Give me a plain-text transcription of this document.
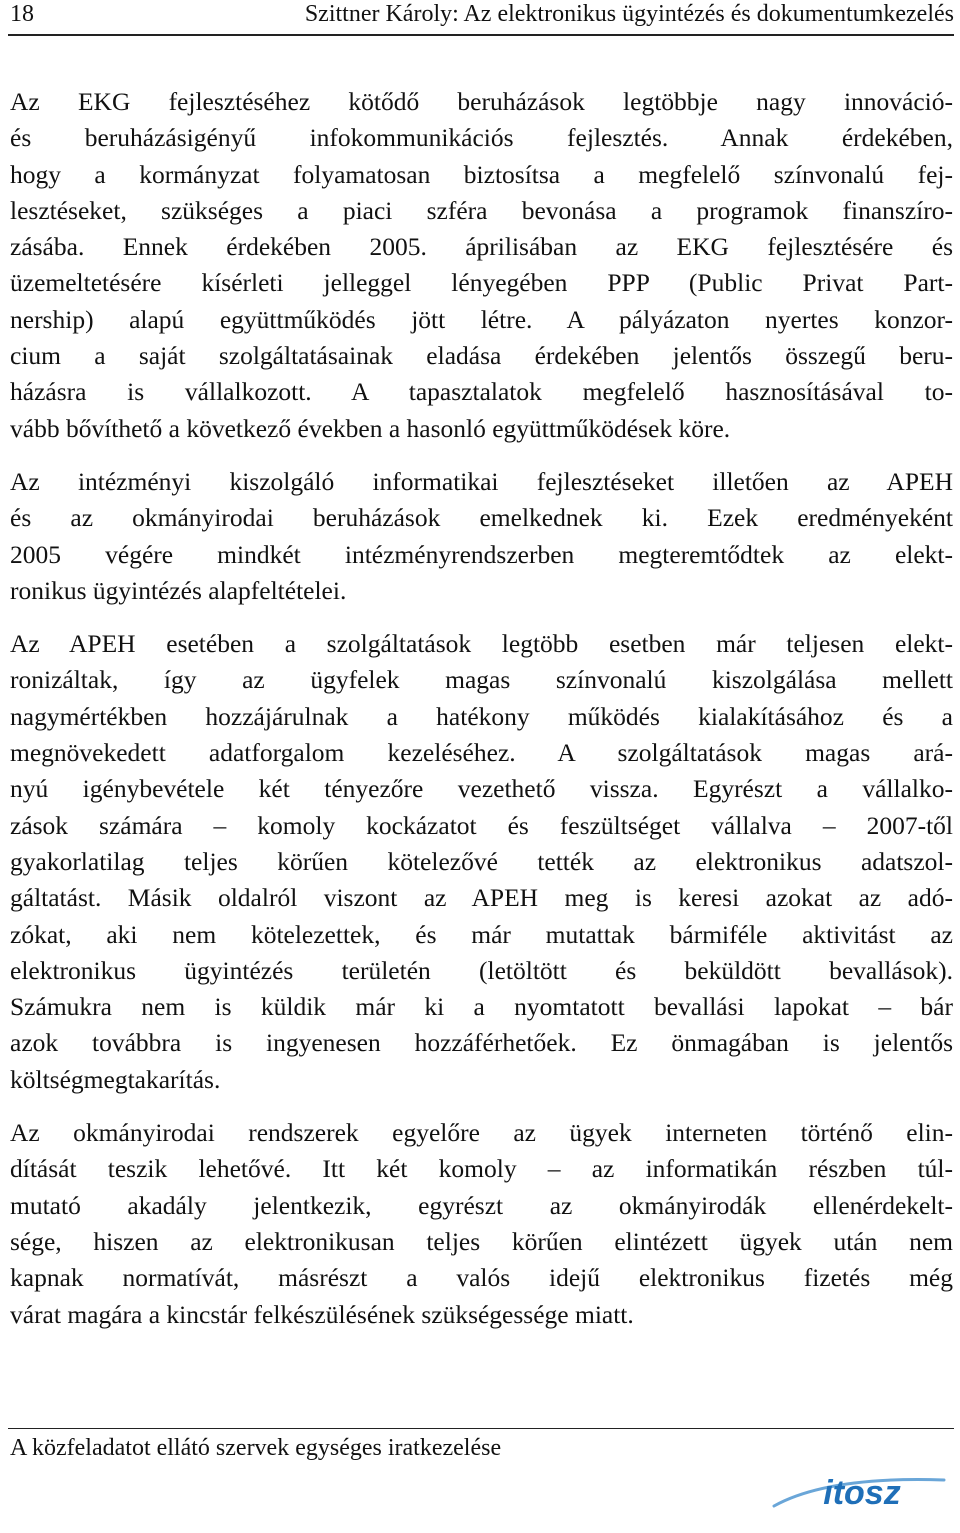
18	Szittner Károly: Az elektronikus ügyintézés és dokumentumkezelés
Az EKG fejlesztéséhez kötődő beruházások legtöbbje nagy innováció-
és beruházásigényű infokommunikációs fejlesztés. Annak érdekében,
hogy a kormányzat folyamatosan biztosítsa a megfelelő színvonalú fej-
lesztéseket, szükséges a piaci szféra bevonása a programok finanszíro-
zásába. Ennek érdekében 2005. áprilisában az EKG fejlesztésére és
üzemeltetésére kísérleti jelleggel lényegében PPP (Public Privat Part-
nership) alapú együttműködés jött létre. A pályázaton nyertes konzor-
cium a saját szolgáltatásainak eladása érdekében jelentős összegű beru-
házásra is vállalkozott. A tapasztalatok megfelelő hasznosításával to-
vább bővíthető a következő években a hasonló együttműködések köre.
Az intézményi kiszolgáló informatikai fejlesztéseket illetően az APEH
és az okmányirodai beruházások emelkednek ki. Ezek eredményeként
2005 végére mindkét intézményrendszerben megteremtődtek az elekt-
ronikus ügyintézés alapfeltételei.
Az APEH esetében a szolgáltatások legtöbb esetben már teljesen elekt-
ronizáltak, így az ügyfelek magas színvonalú kiszolgálása mellett
nagymértékben hozzájárulnak a hatékony működés kialakításához és a
megnövekedett adatforgalom kezeléséhez. A szolgáltatások magas ará-
nyú igénybevétele két tényezőre vezethető vissza. Egyrészt a vállalko-
zások számára – komoly kockázatot és feszültséget vállalva – 2007-től
gyakorlatilag teljes körűen kötelezővé tették az elektronikus adatszol-
gáltatást. Másik oldalról viszont az APEH meg is keresi azokat az adó-
zókat, aki nem kötelezettek, és már mutattak bármiféle aktivitást az
elektronikus ügyintézés területén (letöltött és beküldött bevallások).
Számukra nem is küldik már ki a nyomtatott bevallási lapokat – bár
azok továbbra is ingyenesen hozzáférhetőek. Ez önmagában is jelentős
költségmegtakarítás.
Az okmányirodai rendszerek egyelőre az ügyek interneten történő elin-
dítását teszik lehetővé. Itt két komoly – az informatikán részben túl-
mutató akadály jelentkezik, egyrészt az okmányirodák ellenérdekelt-
sége, hiszen az elektronikusan teljes körűen elintézett ügyek után nem
kapnak normatívát, másrészt a valós idejű elektronikus fizetés még
várat magára a kincstár felkészülésének szükségessége miatt.
A közfeladatot ellátó szervek egységes iratkezelése
itosz
